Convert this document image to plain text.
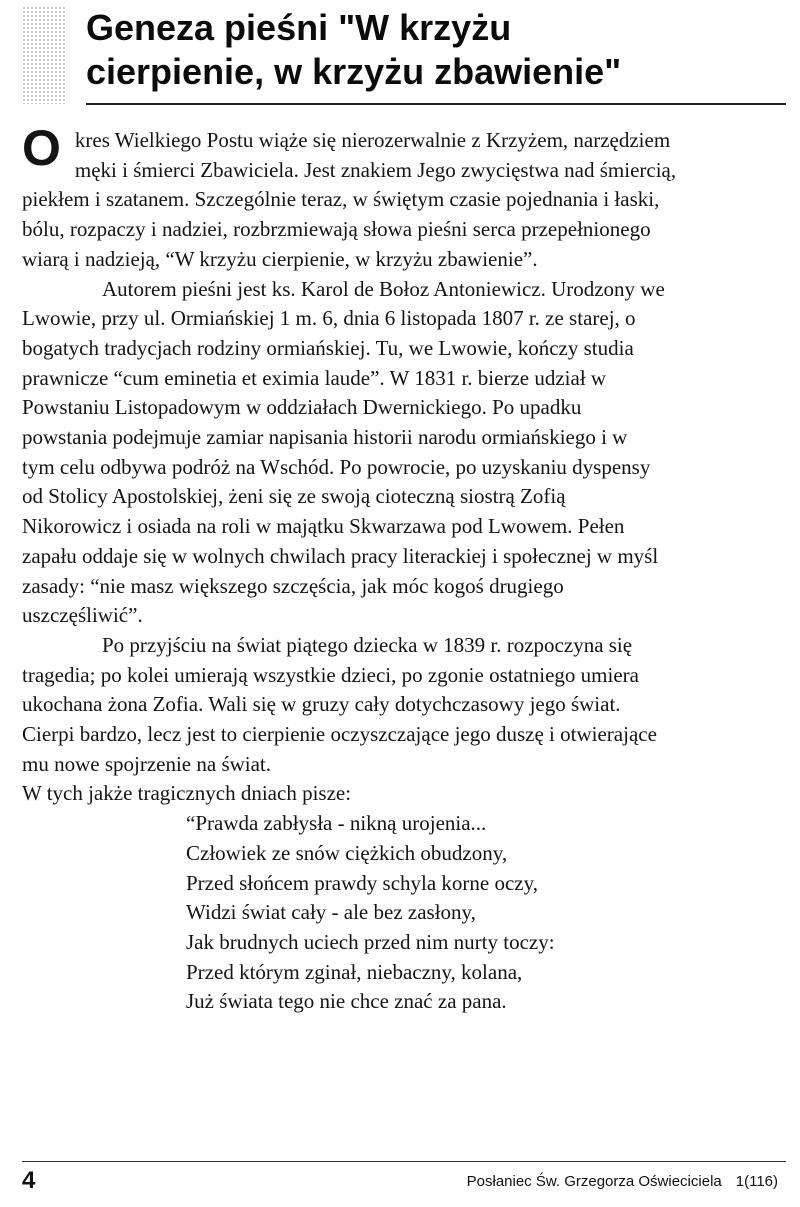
Geneza pieśni "W krzyżu
cierpienie, w krzyżu zbawienie"
O kres Wielkiego Postu wiąże się nierozerwalnie z Krzyżem, narzędziem
męki i śmierci Zbawiciela. Jest znakiem Jego zwycięstwa nad śmiercią,
piekłem i szatanem. Szczególnie teraz, w świętym czasie pojednania i łaski,
bólu, rozpaczy i nadziei, rozbrzmiewają słowa pieśni serca przepełnionego
wiarą i nadzieją, “W krzyżu cierpienie, w krzyżu zbawienie”.
Autorem pieśni jest ks. Karol de Bołoz Antoniewicz. Urodzony we
Lwowie, przy ul. Ormiańskiej 1 m. 6, dnia 6 listopada 1807 r. ze starej, o
bogatych tradycjach rodziny ormiańskiej. Tu, we Lwowie, kończy studia
prawnicze “cum eminetia et eximia laude”. W 1831 r. bierze udział w
Powstaniu Listopadowym w oddziałach Dwernickiego. Po upadku
powstania podejmuje zamiar napisania historii narodu ormiańskiego i w
tym celu odbywa podróż na Wschód. Po powrocie, po uzyskaniu dyspensy
od Stolicy Apostolskiej, żeni się ze swoją cioteczną siostrą Zofią
Nikorowicz i osiada na roli w majątku Skwarzawa pod Lwowem. Pełen
zapału oddaje się w wolnych chwilach pracy literackiej i społecznej w myśl
zasady: “nie masz większego szczęścia, jak móc kogoś drugiego
uszczęśliwić”.
Po przyjściu na świat piątego dziecka w 1839 r. rozpoczyna się
tragedia; po kolei umierają wszystkie dzieci, po zgonie ostatniego umiera
ukochana żona Zofia. Wali się w gruzy cały dotychczasowy jego świat.
Cierpi bardzo, lecz jest to cierpienie oczyszczające jego duszę i otwierające
mu nowe spojrzenie na świat.
W tych jakże tragicznych dniach pisze:
“Prawda zabłysła - nikną urojenia...
Człowiek ze snów ciężkich obudzony,
Przed słońcem prawdy schyla korne oczy,
Widzi świat cały - ale bez zasłony,
Jak brudnych uciech przed nim nurty toczy:
Przed którym zginał, niebaczny, kolana,
Już świata tego nie chce znać za pana.
4	Posłaniec Św. Grzegorza Oświeciciela 1(116)
